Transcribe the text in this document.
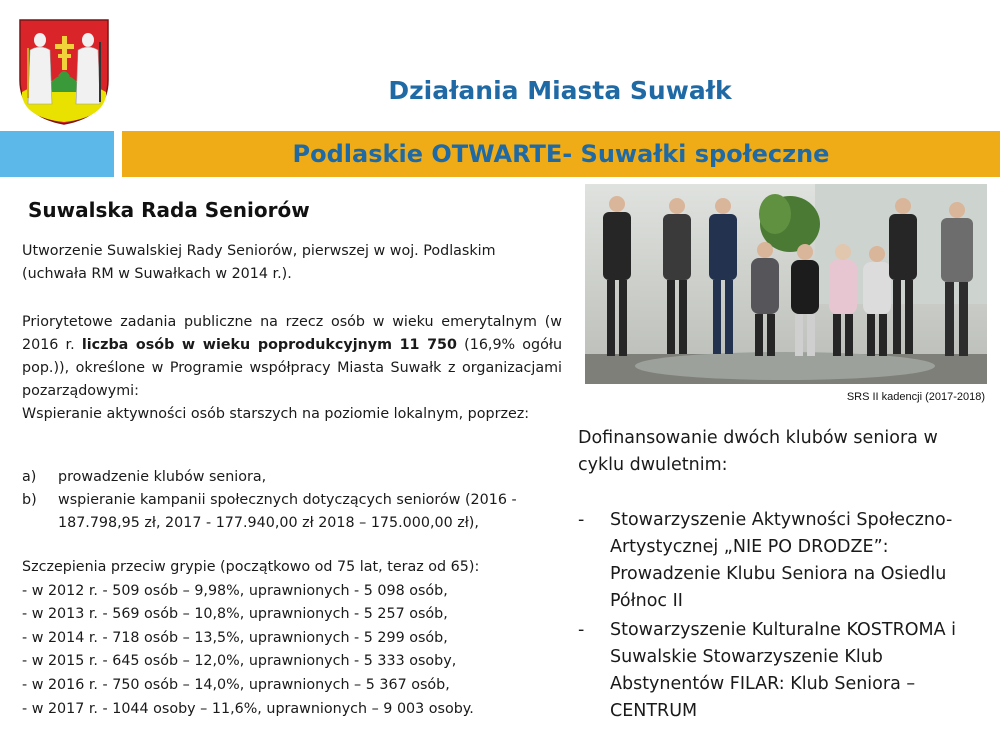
Działania Miasta Suwałk
Podlaskie OTWARTE- Suwałki społeczne
Suwalska Rada Seniorów
Utworzenie Suwalskiej Rady Seniorów, pierwszej w woj. Podlaskim (uchwała RM w Suwałkach w 2014 r.).
Priorytetowe zadania publiczne na rzecz osób w wieku emerytalnym (w 2016 r. liczba osób w wieku poprodukcyjnym 11 750 (16,9% ogółu pop.)), określone w Programie współpracy Miasta Suwałk z organizacjami pozarządowymi:
Wspieranie aktywności osób starszych na poziomie lokalnym, poprzez:
a) prowadzenie klubów seniora,
b) wspieranie kampanii społecznych dotyczących seniorów (2016 - 187.798,95 zł, 2017 - 177.940,00 zł 2018 – 175.000,00 zł),
Szczepienia przeciw grypie (początkowo od 75 lat, teraz od 65):
- w 2012 r. - 509 osób – 9,98%, uprawnionych - 5 098 osób,
- w 2013 r. - 569 osób – 10,8%, uprawnionych - 5 257 osób,
- w 2014 r. - 718 osób – 13,5%, uprawnionych - 5 299 osób,
- w 2015 r. - 645 osób – 12,0%, uprawnionych - 5 333 osoby,
- w 2016 r. - 750 osób – 14,0%, uprawnionych – 5 367 osób,
- w 2017 r. - 1044 osoby – 11,6%, uprawnionych – 9 003 osoby.
SRS II kadencji (2017-2018)
Dofinansowanie dwóch klubów seniora w cyklu dwuletnim:
- Stowarzyszenie Aktywności Społeczno-Artystycznej „NIE PO DRODZE”: Prowadzenie Klubu Seniora na Osiedlu Północ II
- Stowarzyszenie Kulturalne KOSTROMA i Suwalskie Stowarzyszenie Klub Abstynentów FILAR: Klub Seniora – CENTRUM
